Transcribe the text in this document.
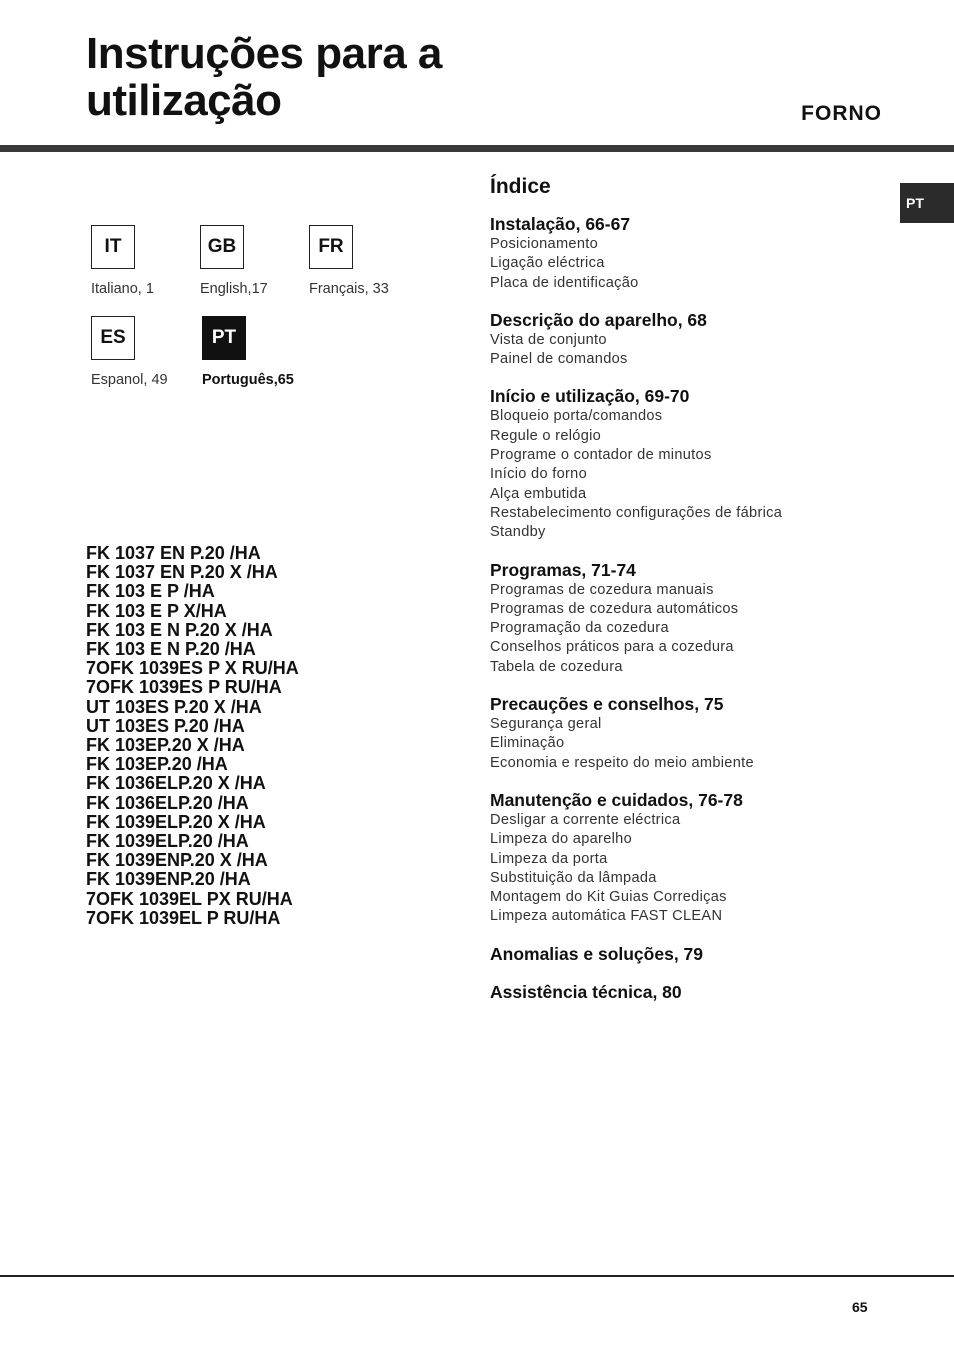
Instruções para a
utilização	FORNO
PT
IT
Italiano, 1
GB
English,17
FR
Français, 33
ES
Espanol, 49
PT
Português,65
FK 1037 EN P.20 /HA
FK 1037 EN P.20 X /HA
FK 103 E P /HA
FK 103 E P X/HA
FK 103 E N P.20 X /HA
FK 103 E N P.20 /HA
7OFK 1039ES P X RU/HA
7OFK 1039ES P RU/HA
UT 103ES P.20 X /HA
UT 103ES P.20 /HA
FK 103EP.20 X /HA
FK 103EP.20 /HA
FK 1036ELP.20 X /HA
FK 1036ELP.20 /HA
FK 1039ELP.20 X /HA
FK 1039ELP.20 /HA
FK 1039ENP.20 X /HA
FK 1039ENP.20 /HA
7OFK 1039EL PX RU/HA
7OFK 1039EL P RU/HA
Índice
Instalação, 66-67
Posicionamento
Ligação eléctrica
Placa de identificação
Descrição do aparelho, 68
Vista de conjunto
Painel de comandos
Início e utilização, 69-70
Bloqueio porta/comandos
Regule o relógio
Programe o contador de minutos
Início do forno
Alça embutida
Restabelecimento configurações de fábrica
Standby
Programas, 71-74
Programas de cozedura manuais
Programas de cozedura automáticos
Programação da cozedura
Conselhos práticos para a cozedura
Tabela de cozedura
Precauções e conselhos, 75
Segurança geral
Eliminação
Economia e respeito do meio ambiente
Manutenção e cuidados, 76-78
Desligar a corrente eléctrica
Limpeza do aparelho
Limpeza da porta
Substituição da lâmpada
Montagem do Kit Guias Corrediças
Limpeza automática FAST CLEAN
Anomalias e soluções, 79
Assistência técnica, 80
65
